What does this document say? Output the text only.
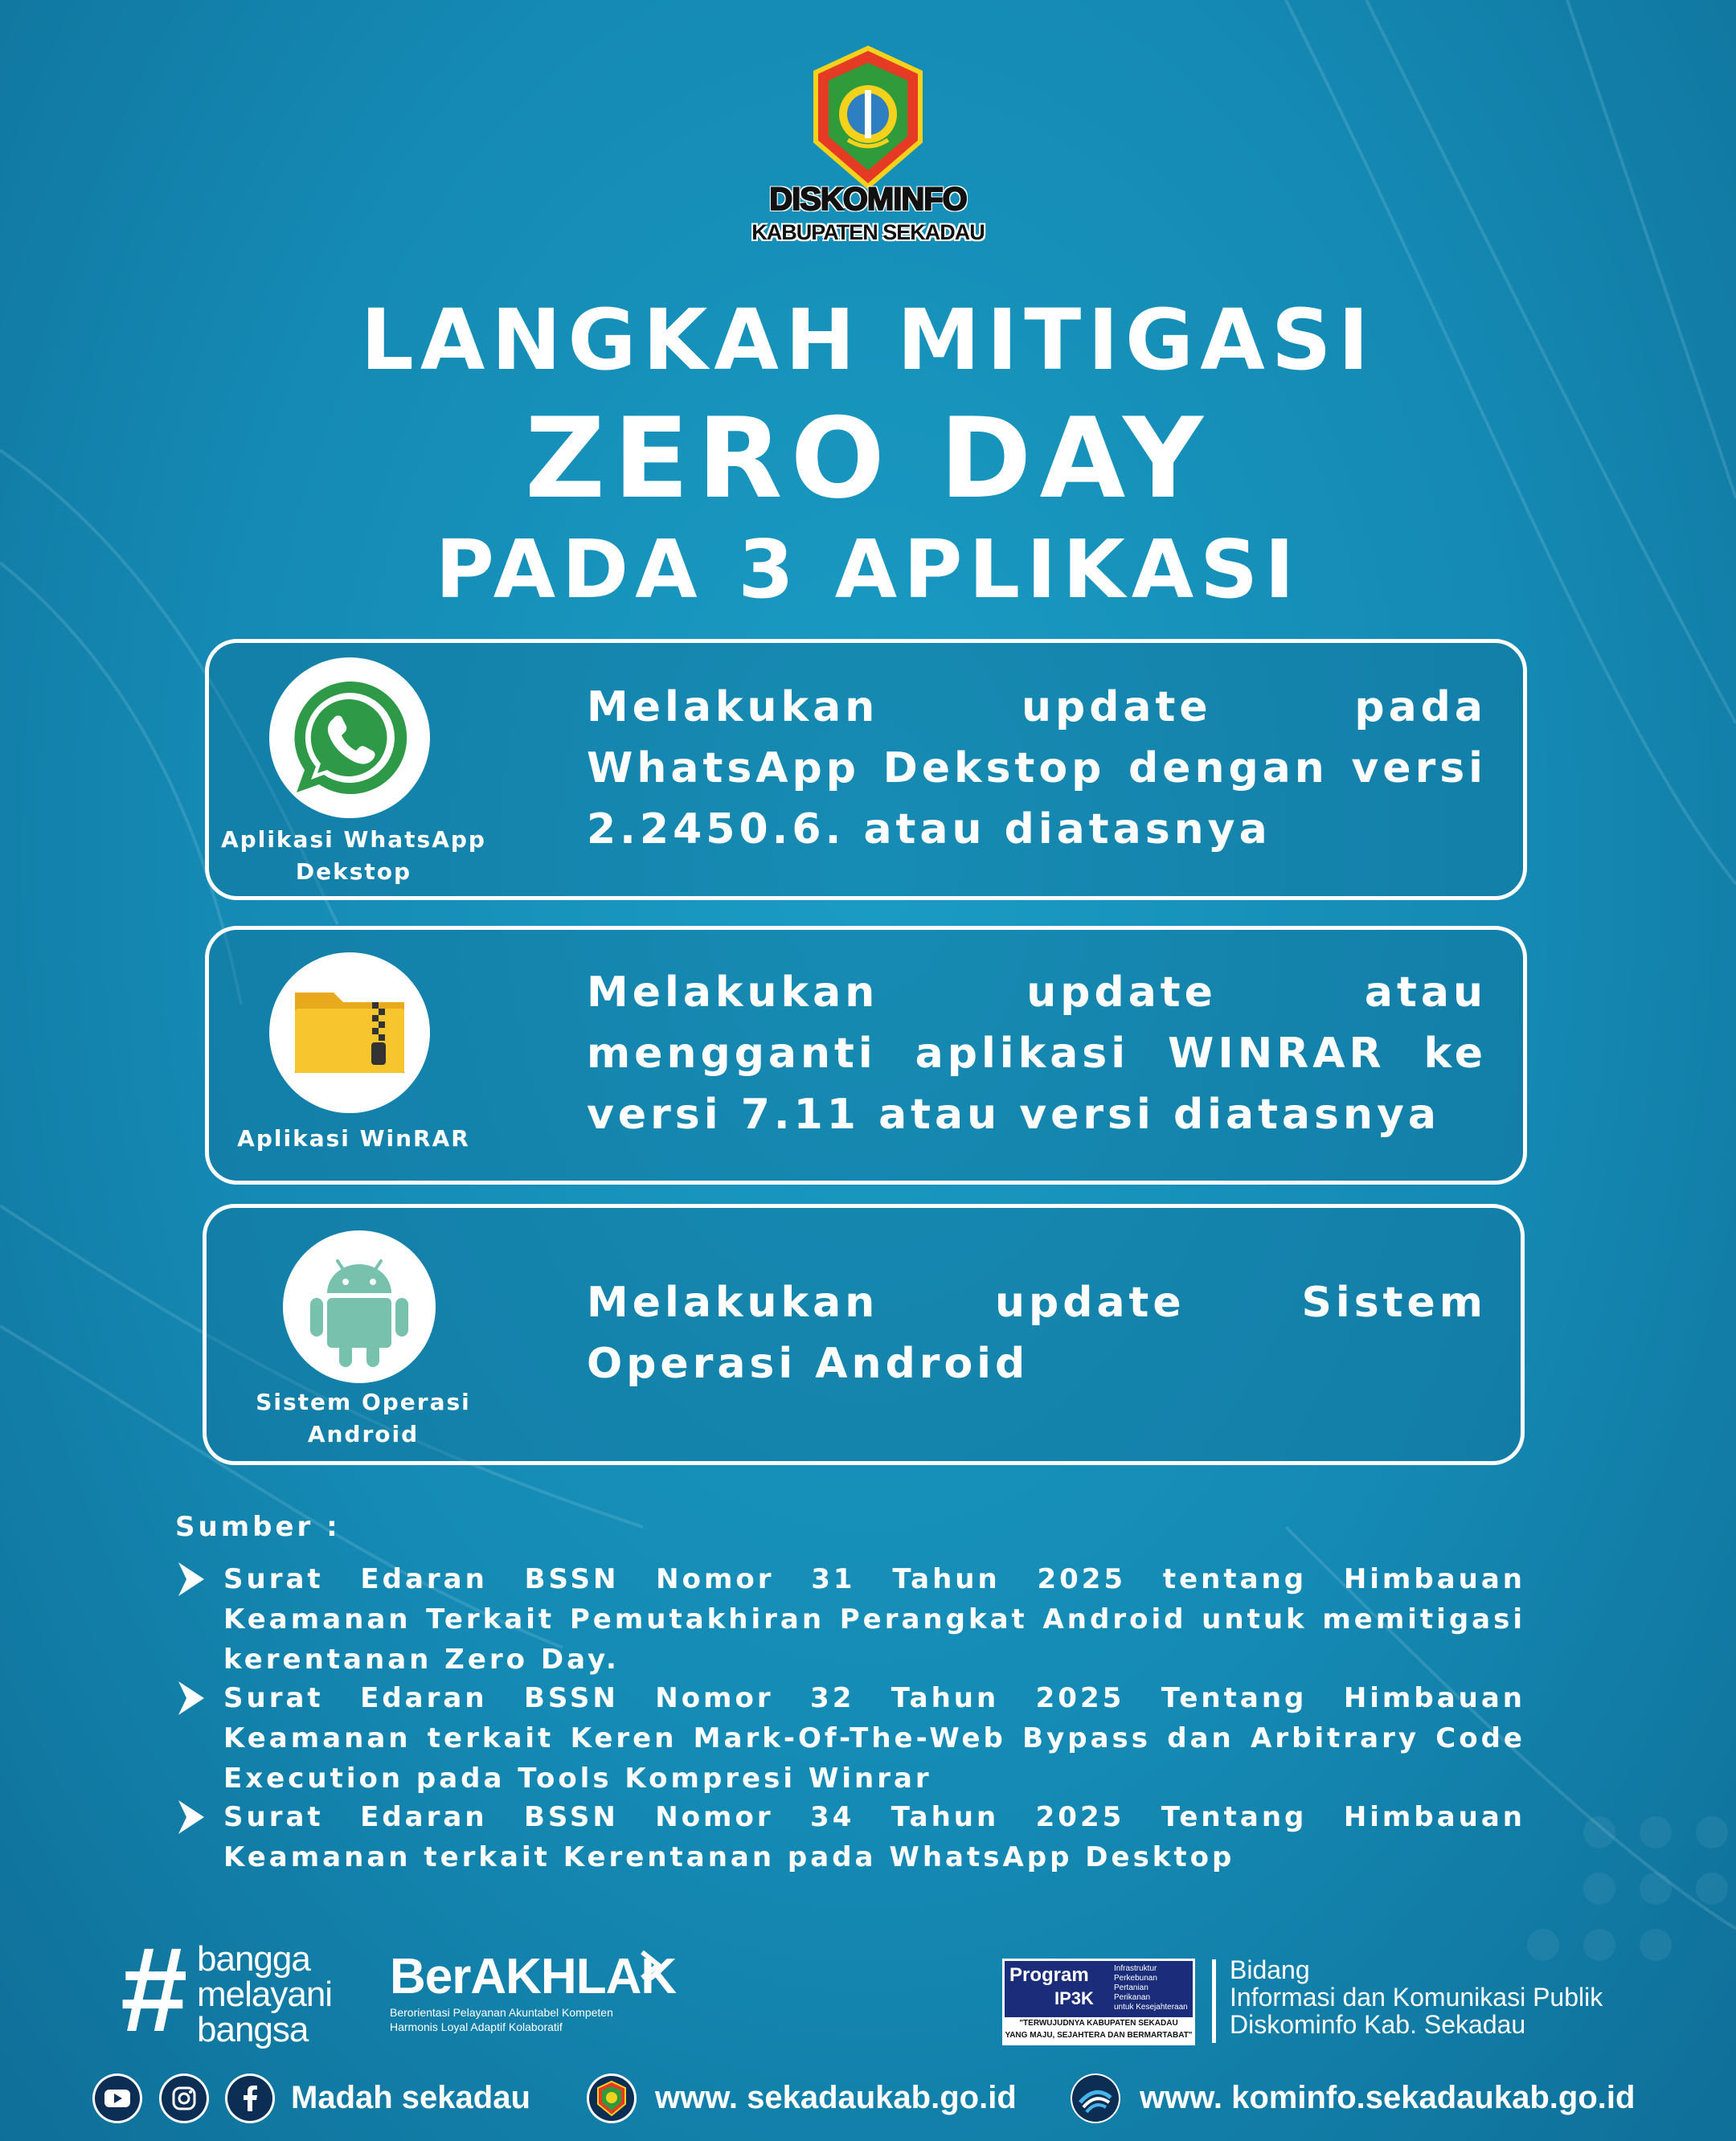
DISKOMINFO
KABUPATEN SEKADAU
LANGKAH MITIGASI
ZERO DAY
PADA 3 APLIKASI
Aplikasi WhatsApp
Dekstop
Melakukan update pada WhatsApp Dekstop dengan versi 2.2450.6. atau diatasnya
Aplikasi WinRAR
Melakukan update atau mengganti aplikasi WINRAR ke versi 7.11 atau versi diatasnya
Sistem Operasi
Android
Melakukan update Sistem Operasi Android
Sumber :
Surat Edaran BSSN Nomor 31 Tahun 2025 tentang Himbauan Keamanan Terkait Pemutakhiran Perangkat Android untuk memitigasi kerentanan Zero Day.
Surat Edaran BSSN Nomor 32 Tahun 2025 Tentang Himbauan Keamanan terkait Keren Mark-Of-The-Web Bypass dan Arbitrary Code Execution pada Tools Kompresi Winrar
Surat Edaran BSSN Nomor 34 Tahun 2025 Tentang Himbauan Keamanan terkait Kerentanan pada WhatsApp Desktop
# bangga
melayani
bangsa
BerAKHLAK
Berorientasi Pelayanan Akuntabel Kompeten
Harmonis Loyal Adaptif Kolaboratif
Program
IP3K
Infrastruktur
Perkebunan
Pertanian
Perikanan
untuk Kesejahteraan
"TERWUJUDNYA KABUPATEN SEKADAU
YANG MAJU, SEJAHTERA DAN BERMARTABAT"
Bidang
Informasi dan Komunikasi Publik
Diskominfo Kab. Sekadau
Madah sekadau	www. sekadaukab.go.id	www. kominfo.sekadaukab.go.id
